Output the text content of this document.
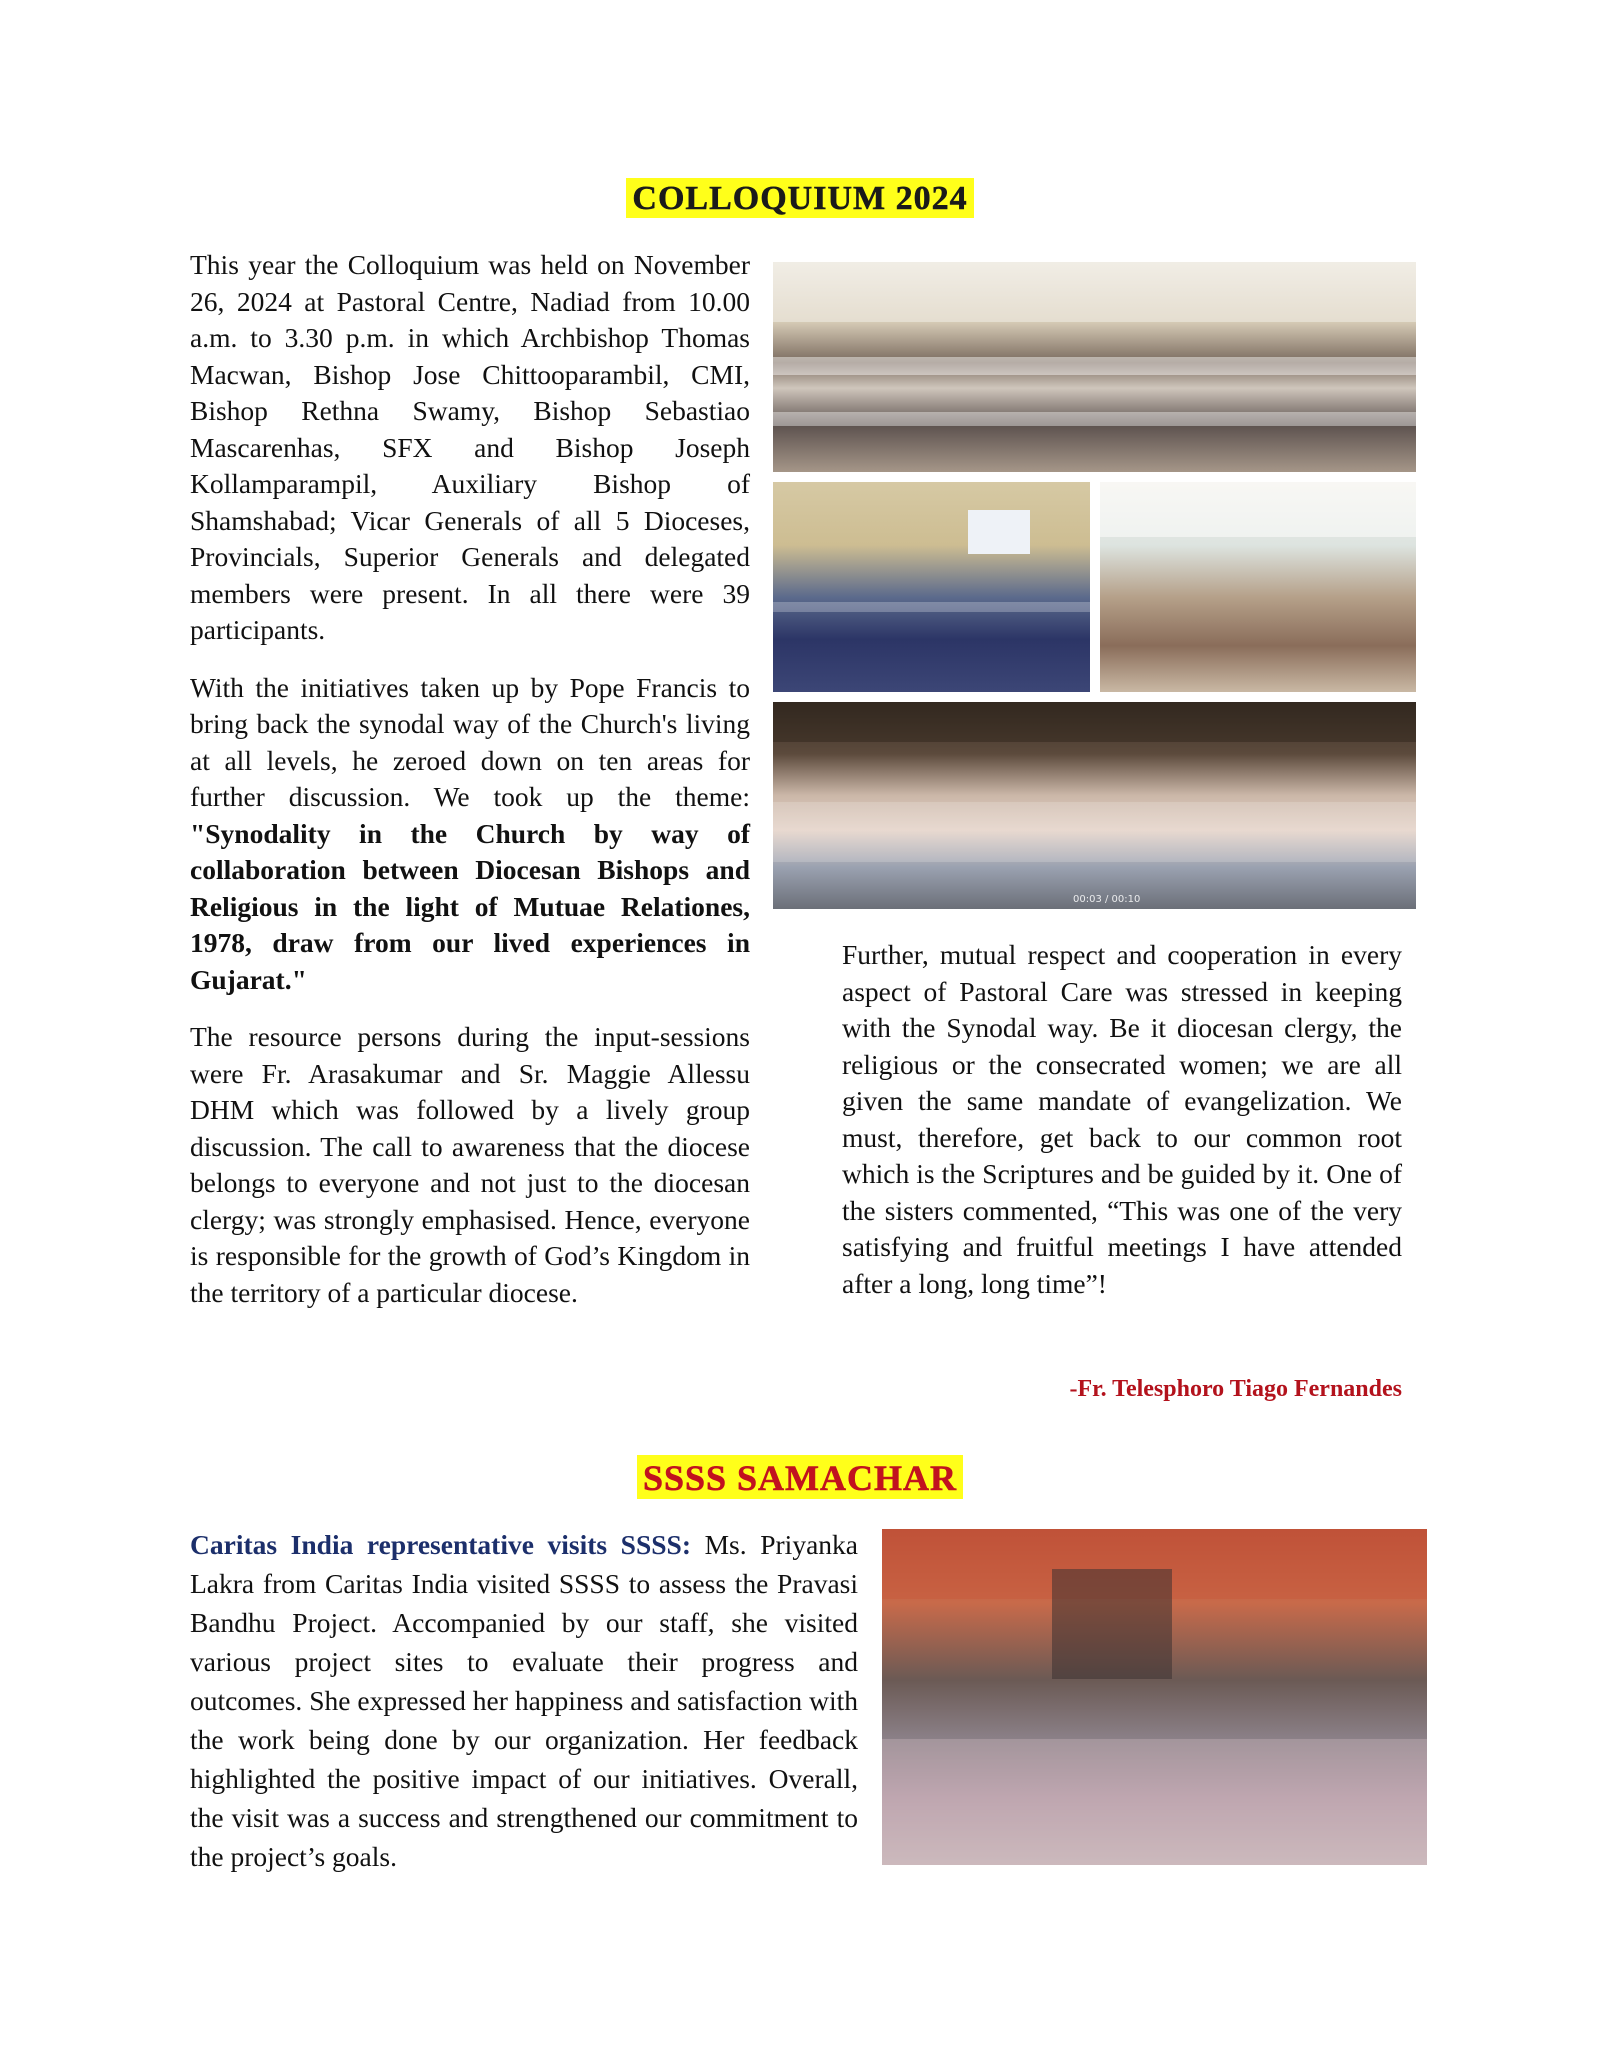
COLLOQUIUM 2024

This year the Colloquium was held on November 26, 2024 at Pastoral Centre, Nadiad from 10.00 a.m. to 3.30 p.m. in which Archbishop Thomas Macwan, Bishop Jose Chittooparambil, CMI, Bishop Rethna Swamy, Bishop Sebastiao Mascarenhas, SFX and Bishop Joseph Kollamparampil, Auxiliary Bishop of Shamshabad; Vicar Generals of all 5 Dioceses, Provincials, Superior Generals and delegated members were present. In all there were 39 participants.

With the initiatives taken up by Pope Francis to bring back the synodal way of the Church's living at all levels, he zeroed down on ten areas for further discussion. We took up the theme: "Synodality in the Church by way of collaboration between Diocesan Bishops and Religious in the light of Mutuae Relationes, 1978, draw from our lived experiences in Gujarat."

The resource persons during the input-sessions were Fr. Arasakumar and Sr. Maggie Allessu DHM which was followed by a lively group discussion. The call to awareness that the diocese belongs to everyone and not just to the diocesan clergy; was strongly emphasised. Hence, everyone is responsible for the growth of God’s Kingdom in the territory of a particular diocese.

00:03 / 00:10

Further, mutual respect and cooperation in every aspect of Pastoral Care was stressed in keeping with the Synodal way. Be it diocesan clergy, the religious or the consecrated women; we are all given the same mandate of evangelization. We must, therefore, get back to our common root which is the Scriptures and be guided by it. One of the sisters commented, “This was one of the very satisfying and fruitful meetings I have attended after a long, long time”!

-Fr. Telesphoro Tiago Fernandes
SSSS SAMACHAR

Caritas India representative visits SSSS: Ms. Priyanka Lakra from Caritas India visited SSSS to assess the Pravasi Bandhu Project. Accompanied by our staff, she visited various project sites to evaluate their progress and outcomes. She expressed her happiness and satisfaction with the work being done by our organization. Her feedback highlighted the positive impact of our initiatives. Overall, the visit was a success and strengthened our commitment to the project’s goals.
